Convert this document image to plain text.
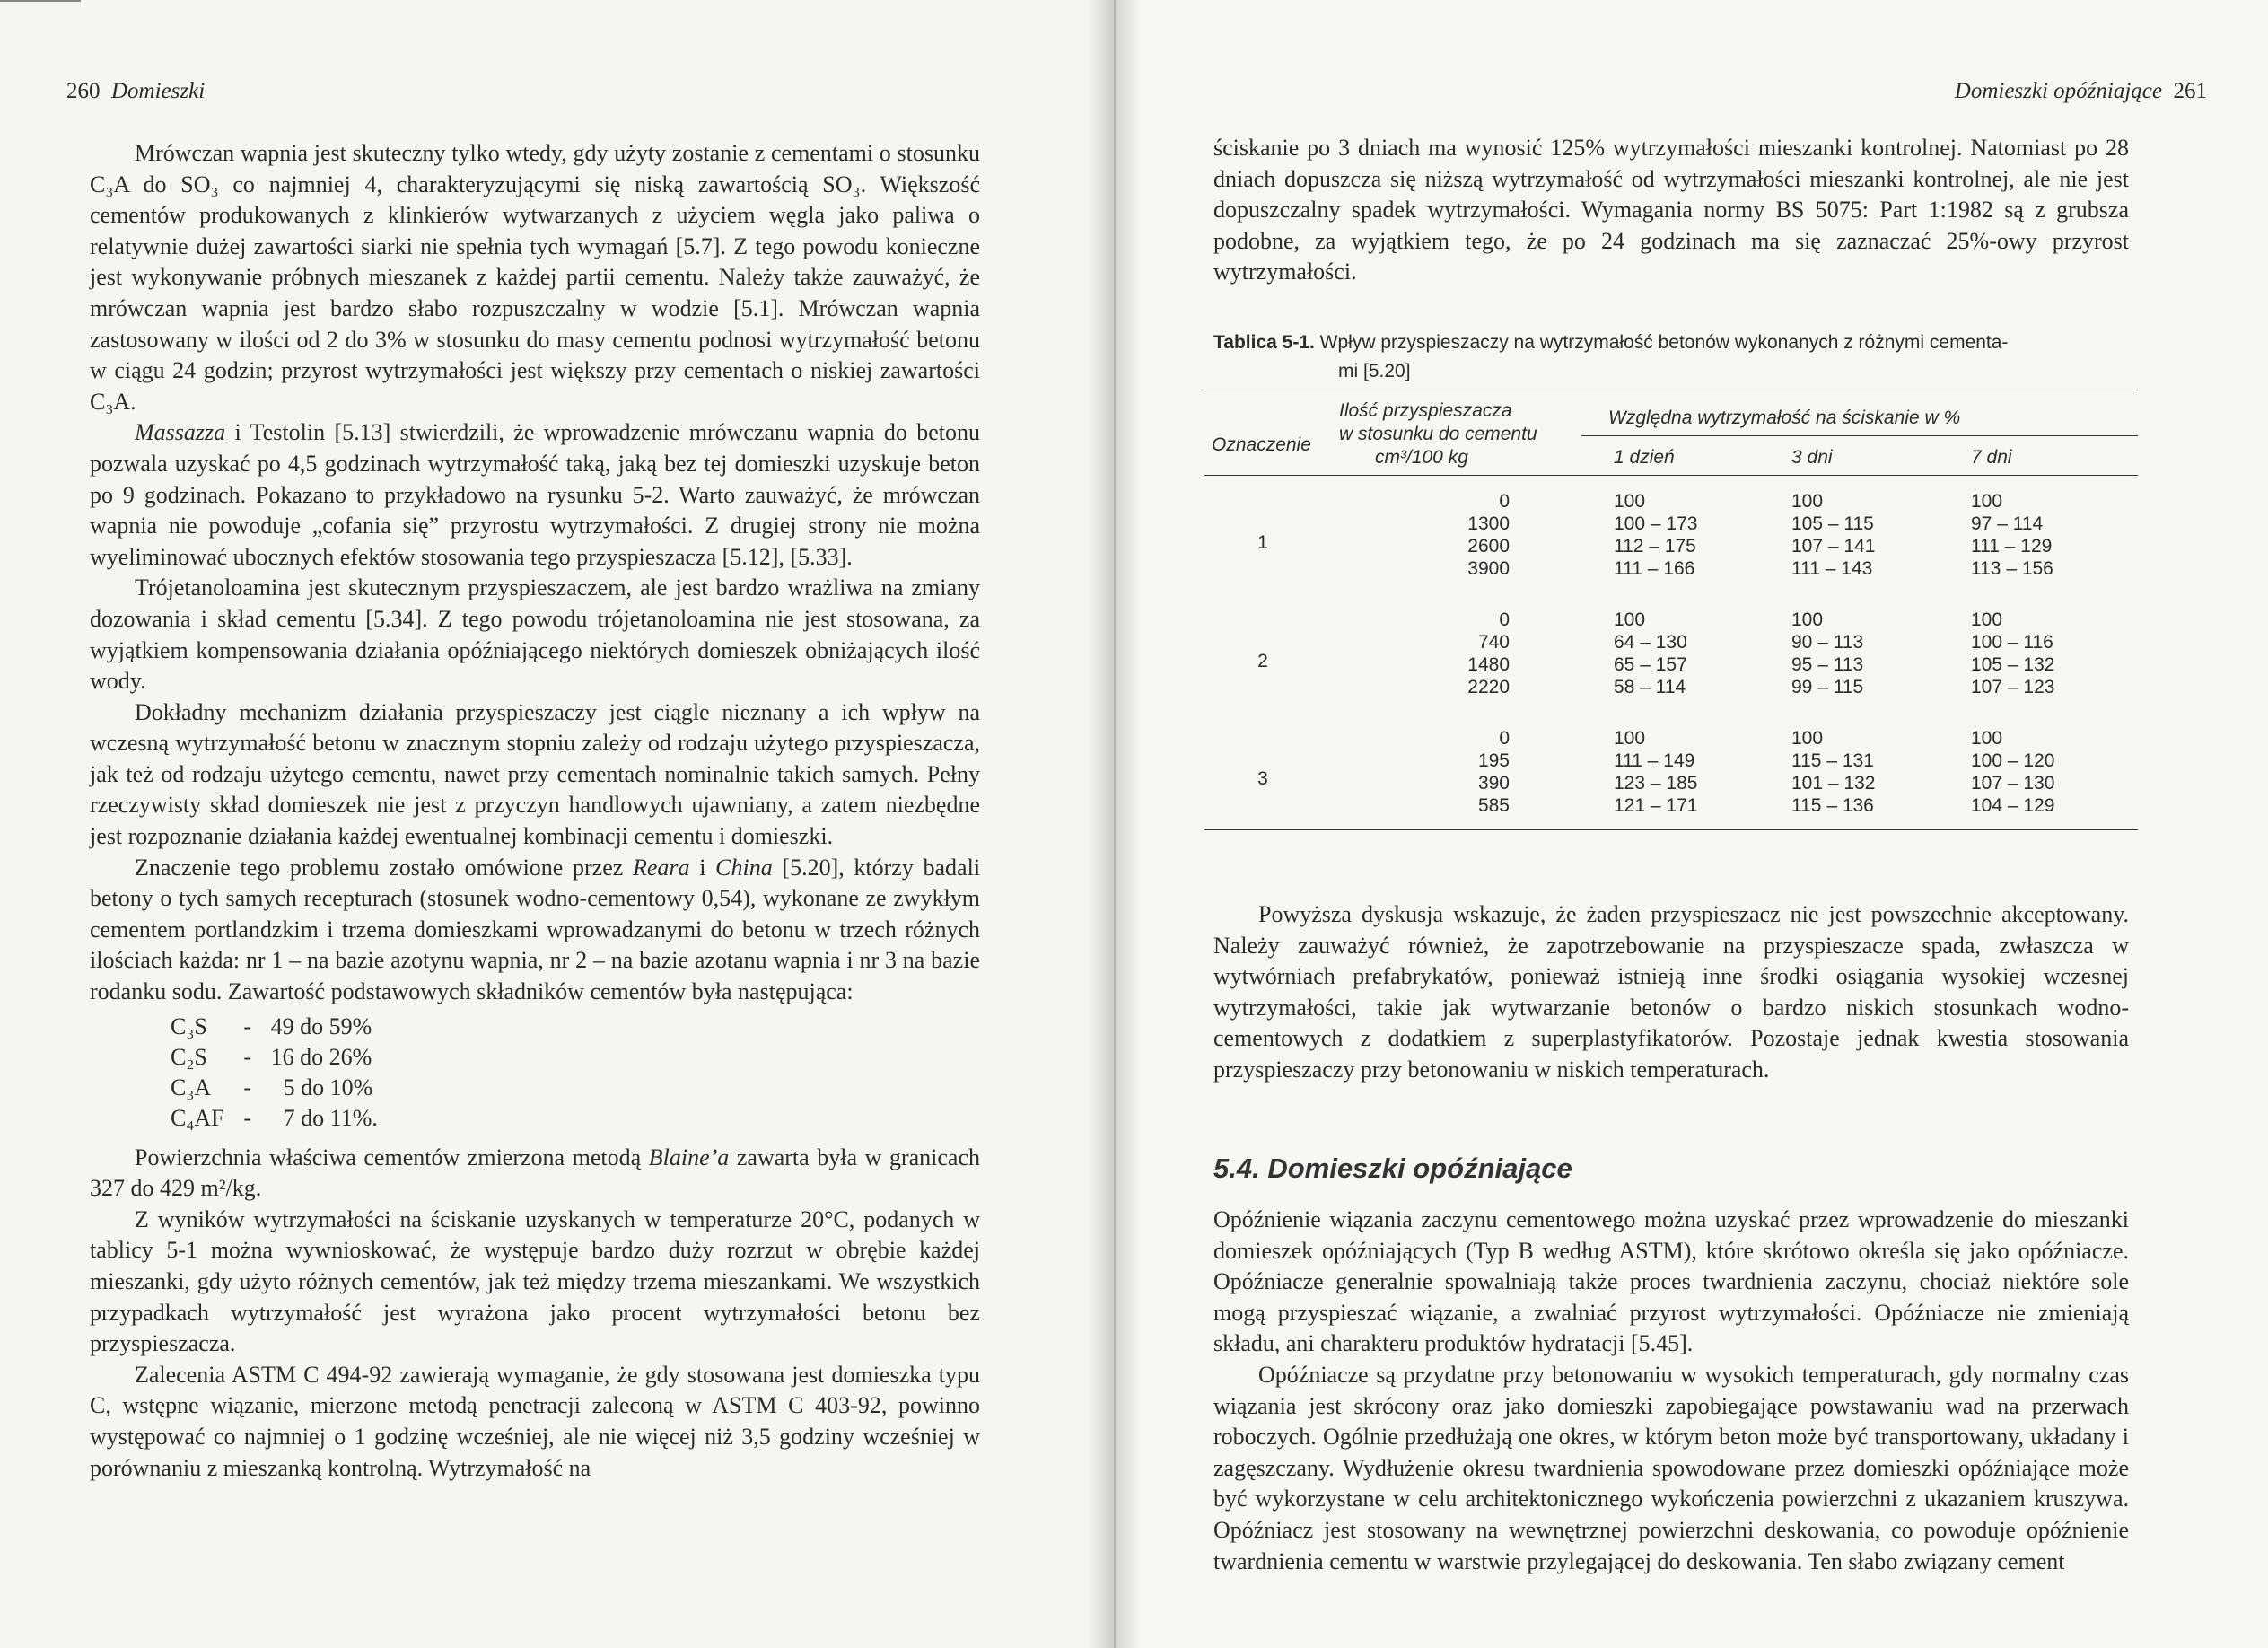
260 Domieszki

Mrówczan wapnia jest skuteczny tylko wtedy, gdy użyty zostanie z cementami o stosunku C₃A do SO₃ co najmniej 4, charakteryzującymi się niską zawartością SO₃. Większość cementów produkowanych z klinkierów wytwarzanych z użyciem węgla jako paliwa o relatywnie dużej zawartości siarki nie spełnia tych wymagań [5.7]. Z tego powodu konieczne jest wykonywanie próbnych mieszanek z każdej partii cementu. Należy także zauważyć, że mrówczan wapnia jest bardzo słabo rozpuszczalny w wodzie [5.1]. Mrówczan wapnia zastosowany w ilości od 2 do 3% w stosunku do masy cementu podnosi wytrzymałość betonu w ciągu 24 godzin; przyrost wytrzymałości jest większy przy cementach o niskiej zawartości C₃A.

Massazza i Testolin [5.13] stwierdzili, że wprowadzenie mrówczanu wapnia do betonu pozwala uzyskać po 4,5 godzinach wytrzymałość taką, jaką bez tej domieszki uzyskuje beton po 9 godzinach. Pokazano to przykładowo na rysunku 5-2. Warto zauważyć, że mrówczan wapnia nie powoduje „cofania się” przyrostu wytrzymałości. Z drugiej strony nie można wyeliminować ubocznych efektów stosowania tego przyspieszacza [5.12], [5.33].

Trójetanoloamina jest skutecznym przyspieszaczem, ale jest bardzo wrażliwa na zmiany dozowania i skład cementu [5.34]. Z tego powodu trójetanoloamina nie jest stosowana, za wyjątkiem kompensowania działania opóźniającego niektórych domieszek obniżających ilość wody.

Dokładny mechanizm działania przyspieszaczy jest ciągle nieznany a ich wpływ na wczesną wytrzymałość betonu w znacznym stopniu zależy od rodzaju użytego przyspieszacza, jak też od rodzaju użytego cementu, nawet przy cementach nominalnie takich samych. Pełny rzeczywisty skład domieszek nie jest z przyczyn handlowych ujawniany, a zatem niezbędne jest rozpoznanie działania każdej ewentualnej kombinacji cementu i domieszki.

Znaczenie tego problemu zostało omówione przez Reara i China [5.20], którzy badali betony o tych samych recepturach (stosunek wodno-cementowy 0,54), wykonane ze zwykłym cementem portlandzkim i trzema domieszkami wprowadzanymi do betonu w trzech różnych ilościach każda: nr 1 – na bazie azotynu wapnia, nr 2 – na bazie azotanu wapnia i nr 3 na bazie rodanku sodu. Zawartość podstawowych składników cementów była następująca:

C₃S	-	49 do 59%
C₂S	-	16 do 26%
C₃A	-	5 do 10%
C₄AF	-	7 do 11%.

Powierzchnia właściwa cementów zmierzona metodą Blaine’a zawarta była w granicach 327 do 429 m²/kg.

Z wyników wytrzymałości na ściskanie uzyskanych w temperaturze 20°C, podanych w tablicy 5-1 można wywnioskować, że występuje bardzo duży rozrzut w obrębie każdej mieszanki, gdy użyto różnych cementów, jak też między trzema mieszankami. We wszystkich przypadkach wytrzymałość jest wyrażona jako procent wytrzymałości betonu bez przyspieszacza.

Zalecenia ASTM C 494-92 zawierają wymaganie, że gdy stosowana jest domieszka typu C, wstępne wiązanie, mierzone metodą penetracji zaleconą w ASTM C 403-92, powinno występować co najmniej o 1 godzinę wcześniej, ale nie więcej niż 3,5 godziny wcześniej w porównaniu z mieszanką kontrolną. Wytrzymałość na

Domieszki opóźniające 261

ściskanie po 3 dniach ma wynosić 125% wytrzymałości mieszanki kontrolnej. Natomiast po 28 dniach dopuszcza się niższą wytrzymałość od wytrzymałości mieszanki kontrolnej, ale nie jest dopuszczalny spadek wytrzymałości. Wymagania normy BS 5075: Part 1:1982 są z grubsza podobne, za wyjątkiem tego, że po 24 godzinach ma się zaznaczać 25%-owy przyrost wytrzymałości.

Tablica 5-1. Wpływ przyspieszaczy na wytrzymałość betonów wykonanych z różnymi cementa-
mi [5.20]
Oznaczenie	Ilość przyspieszacza
w stosunku do cementu
cm³/100 kg	Względna wytrzymałość na ściskanie w %		
		1 dzień	3 dni	7 dni
1	0	100	100	100
	1300	100 – 173	105 – 115	97 – 114
	2600	112 – 175	107 – 141	111 – 129
	3900	111 – 166	111 – 143	113 – 156
2	0	100	100	100
	740	64 – 130	90 – 113	100 – 116
	1480	65 – 157	95 – 113	105 – 132
	2220	58 – 114	99 – 115	107 – 123
3	0	100	100	100
	195	111 – 149	115 – 131	100 – 120
	390	123 – 185	101 – 132	107 – 130
	585	121 – 171	115 – 136	104 – 129

Powyższa dyskusja wskazuje, że żaden przyspieszacz nie jest powszechnie akceptowany. Należy zauważyć również, że zapotrzebowanie na przyspieszacze spada, zwłaszcza w wytwórniach prefabrykatów, ponieważ istnieją inne środki osiągania wysokiej wczesnej wytrzymałości, takie jak wytwarzanie betonów o bardzo niskich stosunkach wodno-cementowych z dodatkiem z superplastyfikatorów. Pozostaje jednak kwestia stosowania przyspieszaczy przy betonowaniu w niskich temperaturach.

5.4. Domieszki opóźniające

Opóźnienie wiązania zaczynu cementowego można uzyskać przez wprowadzenie do mieszanki domieszek opóźniających (Typ B według ASTM), które skrótowo określa się jako opóźniacze. Opóźniacze generalnie spowalniają także proces twardnienia zaczynu, chociaż niektóre sole mogą przyspieszać wiązanie, a zwalniać przyrost wytrzymałości. Opóźniacze nie zmieniają składu, ani charakteru produktów hydratacji [5.45].

Opóźniacze są przydatne przy betonowaniu w wysokich temperaturach, gdy normalny czas wiązania jest skrócony oraz jako domieszki zapobiegające powstawaniu wad na przerwach roboczych. Ogólnie przedłużają one okres, w którym beton może być transportowany, układany i zagęszczany. Wydłużenie okresu twardnienia spowodowane przez domieszki opóźniające może być wykorzystane w celu architektonicznego wykończenia powierzchni z ukazaniem kruszywa. Opóźniacz jest stosowany na wewnętrznej powierzchni deskowania, co powoduje opóźnienie twardnienia cementu w warstwie przylegającej do deskowania. Ten słabo związany cement
